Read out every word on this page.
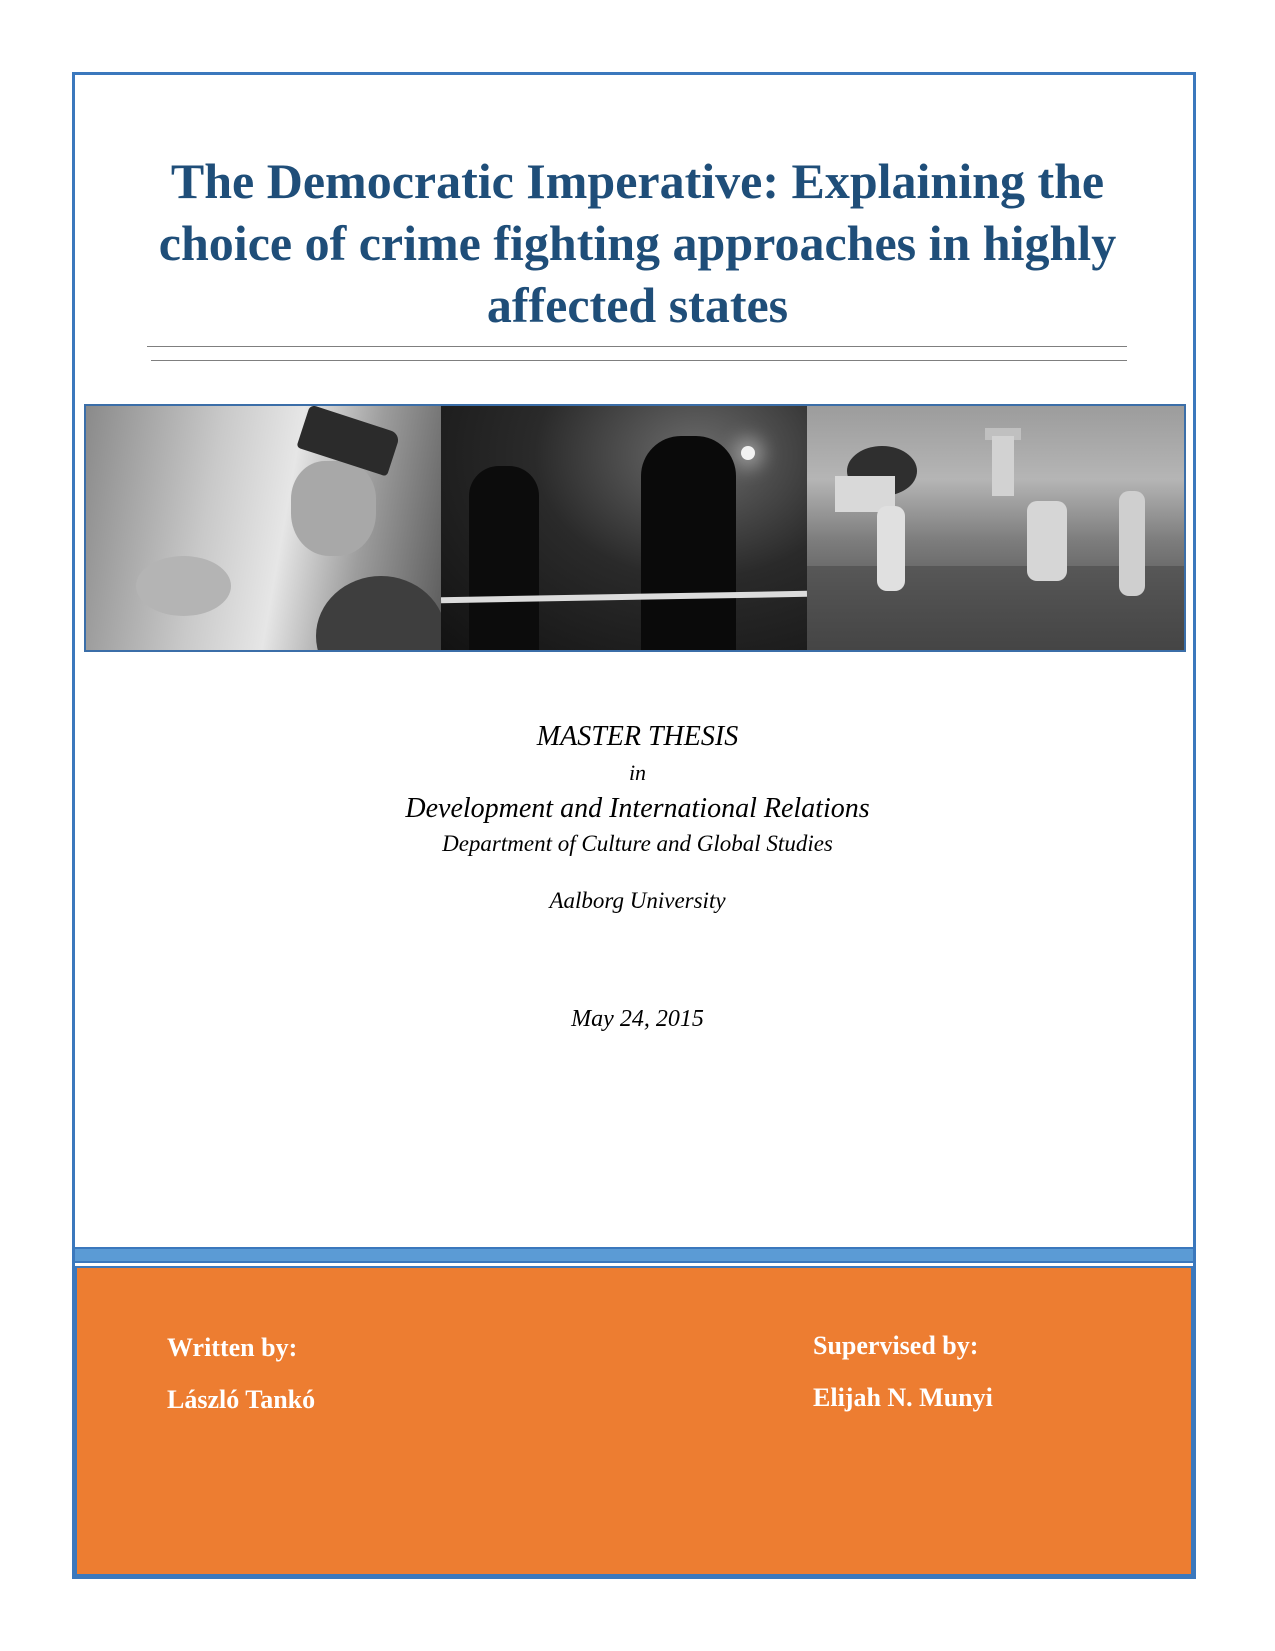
The Democratic Imperative: Explaining the choice of crime fighting approaches in highly affected states
MASTER THESIS
in
Development and International Relations
Department of Culture and Global Studies
Aalborg University
May 24, 2015
Written by:
László Tankó
Supervised by:
Elijah N. Munyi
